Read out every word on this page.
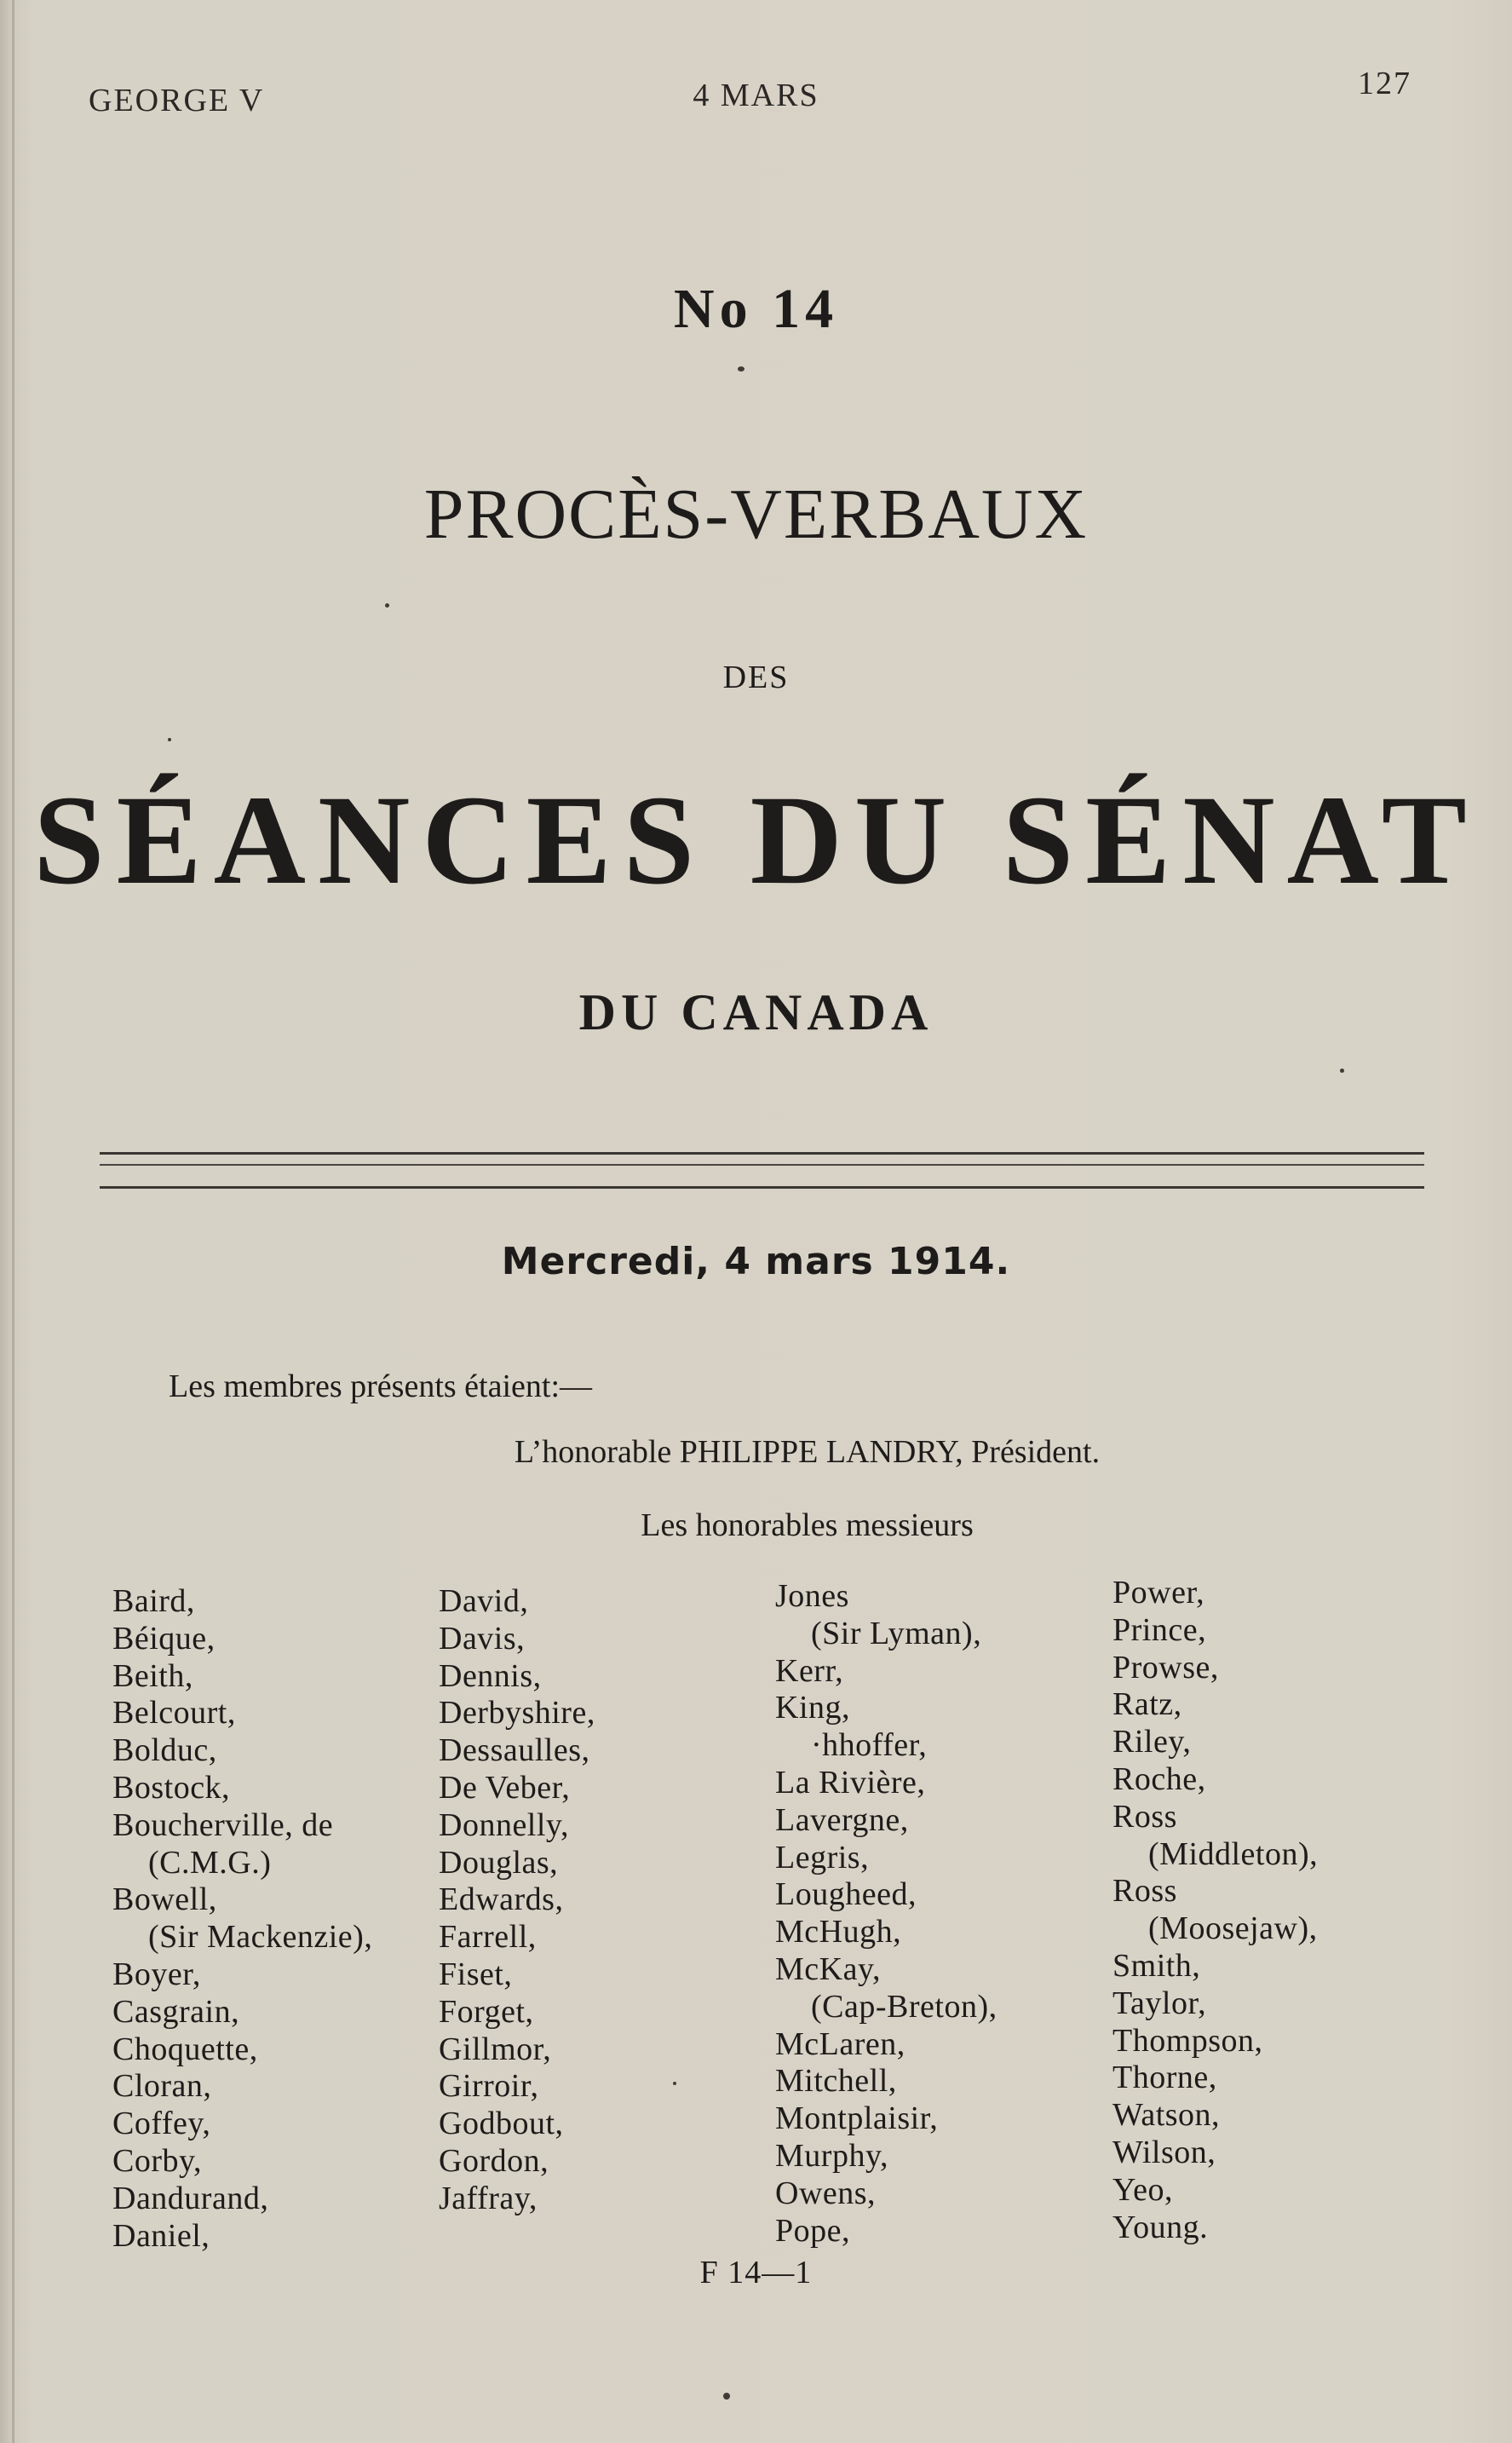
GEORGE V	4 MARS	127
No 14
PROCÈS-VERBAUX
DES
SÉANCES DU SÉNAT
DU CANADA
Mercredi, 4 mars 1914.
Les membres présents étaient:—
L’honorable PHILIPPE LANDRY, Président.
Les honorables messieurs
Baird,
Béique,
Beith,
Belcourt,
Bolduc,
Bostock,
Boucherville, de
(C.M.G.)
Bowell,
(Sir Mackenzie),
Boyer,
Casgrain,
Choquette,
Cloran,
Coffey,
Corby,
Dandurand,
Daniel,
David,
Davis,
Dennis,
Derbyshire,
Dessaulles,
De Veber,
Donnelly,
Douglas,
Edwards,
Farrell,
Fiset,
Forget,
Gillmor,
Girroir,
Godbout,
Gordon,
Jaffray,
Jones
(Sir Lyman),
Kerr,
King,
·hhoffer,
La Rivière,
Lavergne,
Legris,
Lougheed,
McHugh,
McKay,
(Cap-Breton),
McLaren,
Mitchell,
Montplaisir,
Murphy,
Owens,
Pope,
Power,
Prince,
Prowse,
Ratz,
Riley,
Roche,
Ross
(Middleton),
Ross
(Moosejaw),
Smith,
Taylor,
Thompson,
Thorne,
Watson,
Wilson,
Yeo,
Young.
F 14—1
